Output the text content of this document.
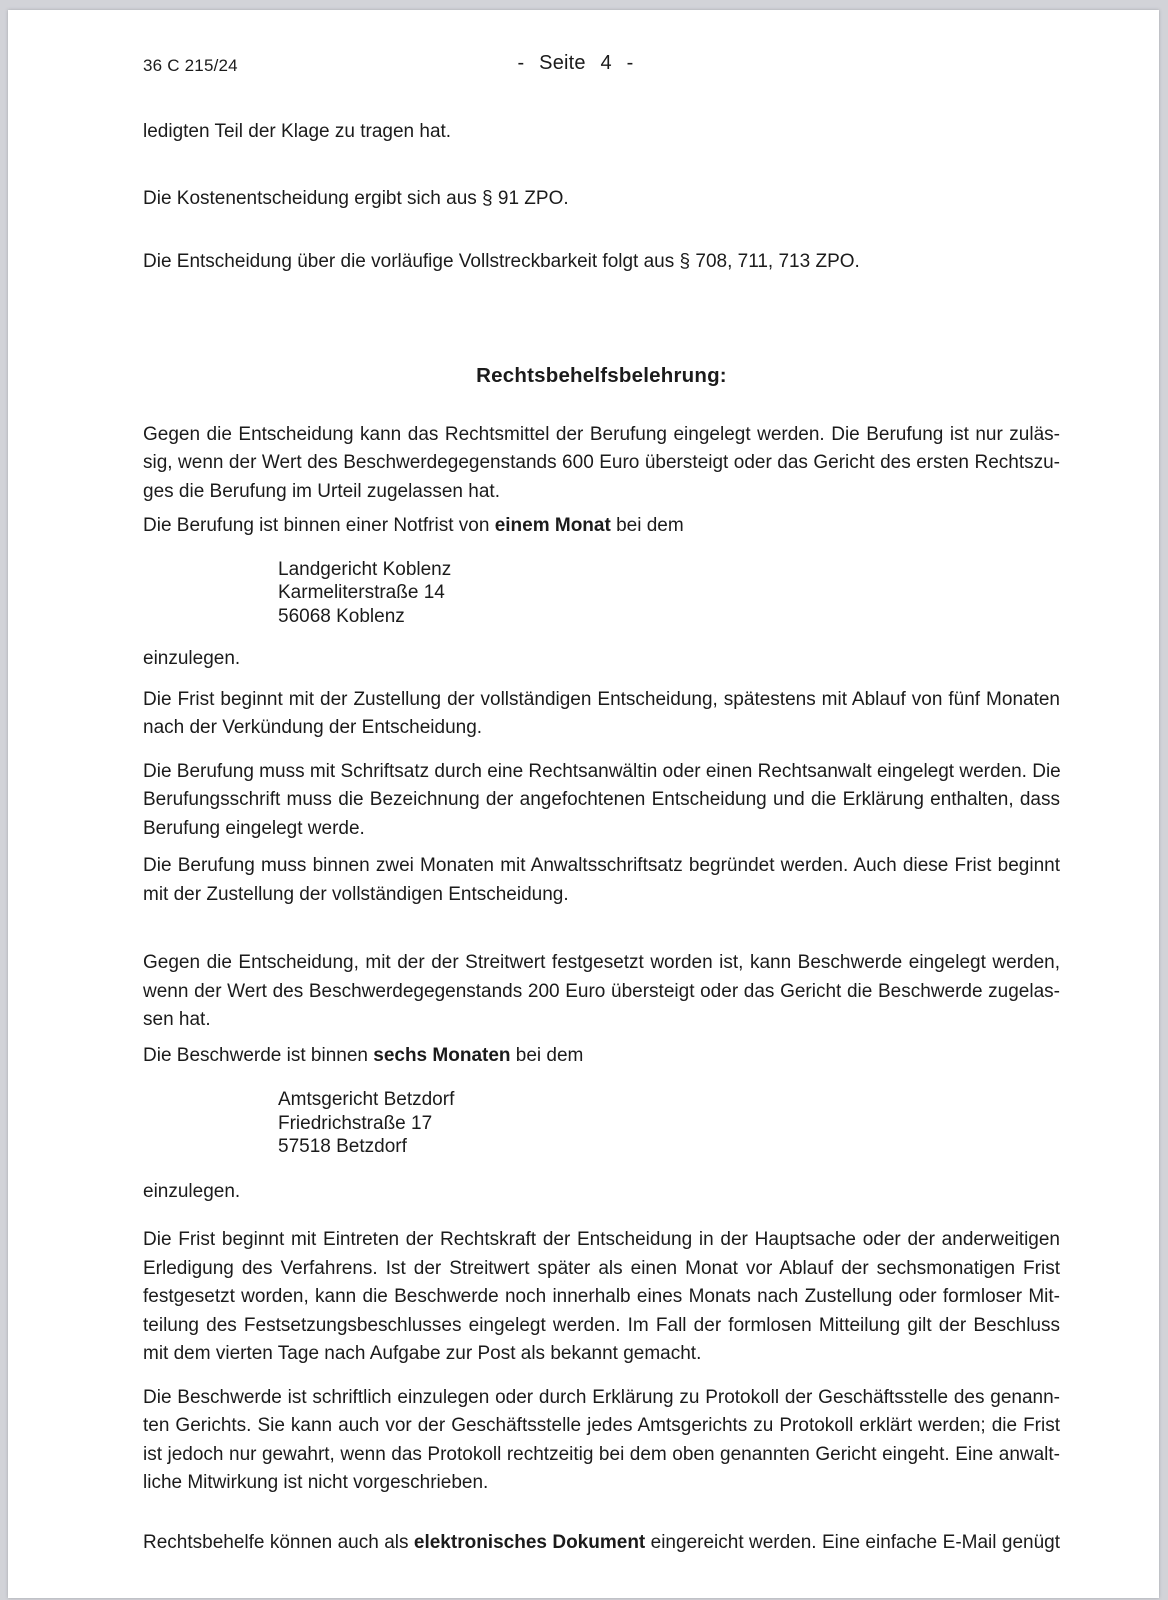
36 C 215/24	- Seite 4 -
ledigten Teil der Klage zu tragen hat.
Die Kostenentscheidung ergibt sich aus § 91 ZPO.
Die Entscheidung über die vorläufige Vollstreckbarkeit folgt aus § 708, 711, 713 ZPO.
Rechtsbehelfsbelehrung:
Gegen die Entscheidung kann das Rechtsmittel der Berufung eingelegt werden. Die Berufung ist nur zuläs-
sig, wenn der Wert des Beschwerdegegenstands 600 Euro übersteigt oder das Gericht des ersten Rechtszu-
ges die Berufung im Urteil zugelassen hat.
Die Berufung ist binnen einer Notfrist von einem Monat bei dem
Landgericht Koblenz
Karmeliterstraße 14
56068 Koblenz
einzulegen.
Die Frist beginnt mit der Zustellung der vollständigen Entscheidung, spätestens mit Ablauf von fünf Monaten
nach der Verkündung der Entscheidung.
Die Berufung muss mit Schriftsatz durch eine Rechtsanwältin oder einen Rechtsanwalt eingelegt werden. Die
Berufungsschrift muss die Bezeichnung der angefochtenen Entscheidung und die Erklärung enthalten, dass
Berufung eingelegt werde.
Die Berufung muss binnen zwei Monaten mit Anwaltsschriftsatz begründet werden. Auch diese Frist beginnt
mit der Zustellung der vollständigen Entscheidung.
Gegen die Entscheidung, mit der der Streitwert festgesetzt worden ist, kann Beschwerde eingelegt werden,
wenn der Wert des Beschwerdegegenstands 200 Euro übersteigt oder das Gericht die Beschwerde zugelas-
sen hat.
Die Beschwerde ist binnen sechs Monaten bei dem
Amtsgericht Betzdorf
Friedrichstraße 17
57518 Betzdorf
einzulegen.
Die Frist beginnt mit Eintreten der Rechtskraft der Entscheidung in der Hauptsache oder der anderweitigen
Erledigung des Verfahrens. Ist der Streitwert später als einen Monat vor Ablauf der sechsmonatigen Frist
festgesetzt worden, kann die Beschwerde noch innerhalb eines Monats nach Zustellung oder formloser Mit-
teilung des Festsetzungsbeschlusses eingelegt werden. Im Fall der formlosen Mitteilung gilt der Beschluss
mit dem vierten Tage nach Aufgabe zur Post als bekannt gemacht.
Die Beschwerde ist schriftlich einzulegen oder durch Erklärung zu Protokoll der Geschäftsstelle des genann-
ten Gerichts. Sie kann auch vor der Geschäftsstelle jedes Amtsgerichts zu Protokoll erklärt werden; die Frist
ist jedoch nur gewahrt, wenn das Protokoll rechtzeitig bei dem oben genannten Gericht eingeht. Eine anwalt-
liche Mitwirkung ist nicht vorgeschrieben.
Rechtsbehelfe können auch als elektronisches Dokument eingereicht werden. Eine einfache E-Mail genügt
